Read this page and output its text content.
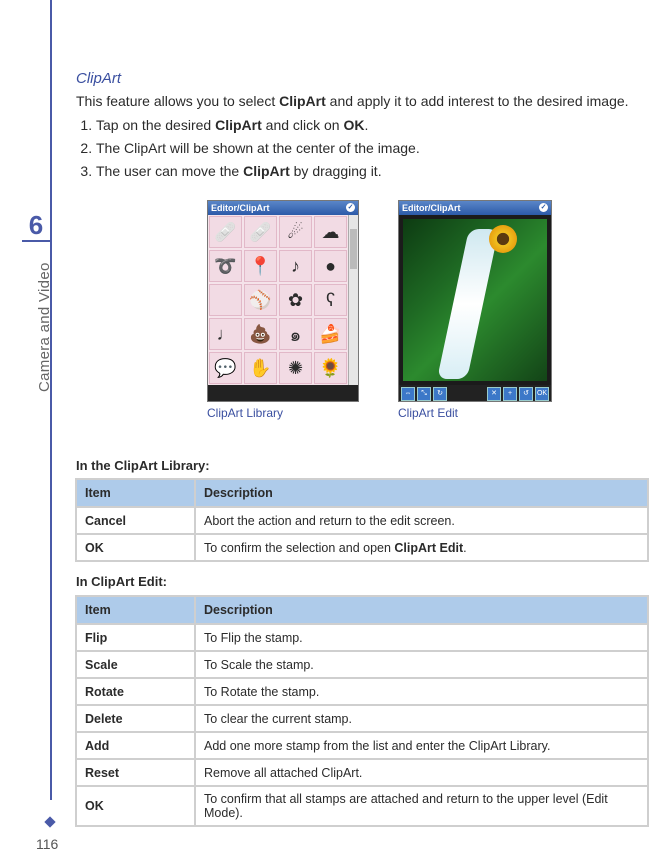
6
Camera and Video
116
ClipArt

This feature allows you to select ClipArt and apply it to add interest to the desired image.

1. Tap on the desired ClipArt and click on OK.
2. The ClipArt will be shown at the center of the image.
3. The user can move the ClipArt by dragging it.
Editor/ClipArt	✓
🩹 🩹 ☄ ☁
➰ 📍	♪	●
⚾ ✿	ʕ
♩ 💩	๑	🍰
💬 ✋ ✺ 🌻
Editor/ClipArt	✓
⇔	⤡	↻	✕	+	↺	OK
ClipArt Library	ClipArt Edit
In the ClipArt Library:
Item	Description
Cancel	Abort the action and return to the edit screen.
OK	To confirm the selection and open ClipArt Edit.
In ClipArt Edit:
Item	Description
Flip	To Flip the stamp.
Scale	To Scale the stamp.
Rotate	To Rotate the stamp.
Delete	To clear the current stamp.
Add	Add one more stamp from the list and enter the ClipArt Library.
Reset	Remove all attached ClipArt.
OK	To confirm that all stamps are attached and return to the upper level (Edit Mode).
